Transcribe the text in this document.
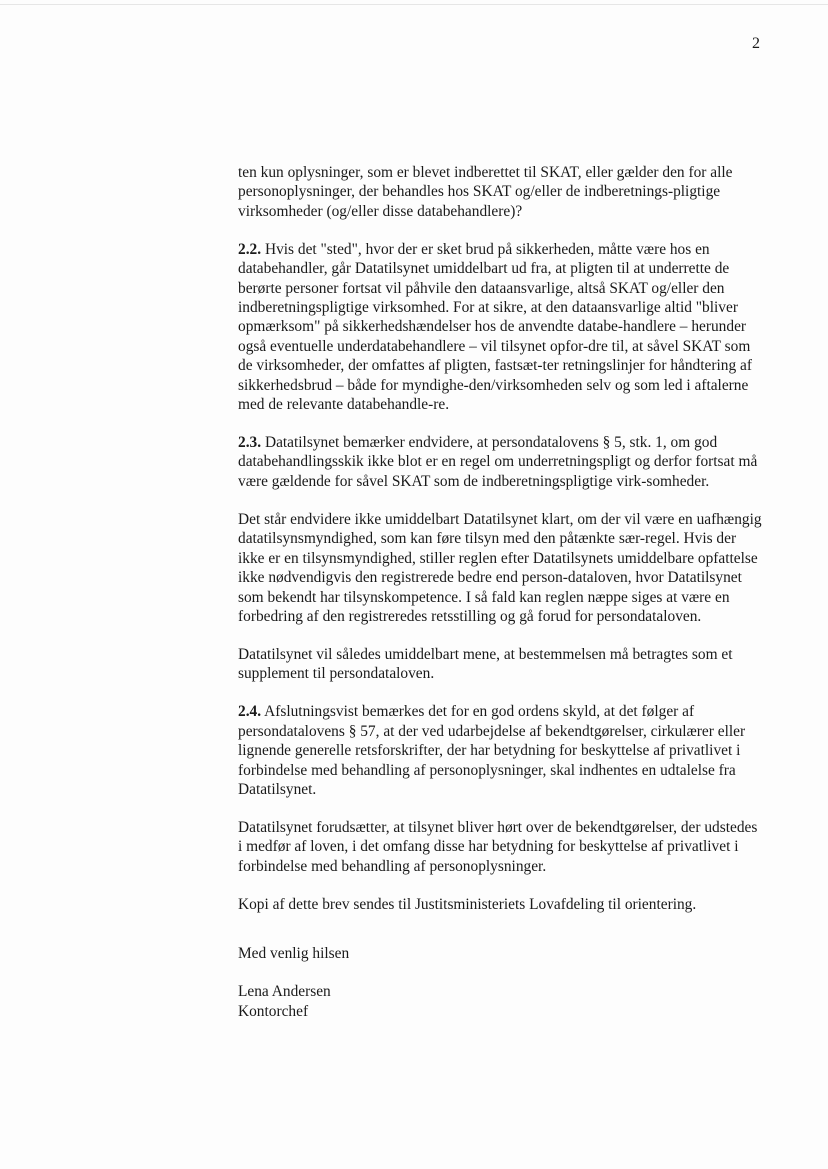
2

ten kun oplysninger, som er blevet indberettet til SKAT, eller gælder den for alle personoplysninger, der behandles hos SKAT og/eller de indberetnings-pligtige virksomheder (og/eller disse databehandlere)?

2.2. Hvis det "sted", hvor der er sket brud på sikkerheden, måtte være hos en databehandler, går Datatilsynet umiddelbart ud fra, at pligten til at underrette de berørte personer fortsat vil påhvile den dataansvarlige, altså SKAT og/eller den indberetningspligtige virksomhed. For at sikre, at den dataansvarlige altid "bliver opmærksom" på sikkerhedshændelser hos de anvendte databe-handlere – herunder også eventuelle underdatabehandlere – vil tilsynet opfor-dre til, at såvel SKAT som de virksomheder, der omfattes af pligten, fastsæt-ter retningslinjer for håndtering af sikkerhedsbrud – både for myndighe-den/virksomheden selv og som led i aftalerne med de relevante databehandle-re.

2.3. Datatilsynet bemærker endvidere, at persondatalovens § 5, stk. 1, om god databehandlingsskik ikke blot er en regel om underretningspligt og derfor fortsat må være gældende for såvel SKAT som de indberetningspligtige virk-somheder.

Det står endvidere ikke umiddelbart Datatilsynet klart, om der vil være en uafhængig datatilsynsmyndighed, som kan føre tilsyn med den påtænkte sær-regel. Hvis der ikke er en tilsynsmyndighed, stiller reglen efter Datatilsynets umiddelbare opfattelse ikke nødvendigvis den registrerede bedre end person-dataloven, hvor Datatilsynet som bekendt har tilsynskompetence. I så fald kan reglen næppe siges at være en forbedring af den registreredes retsstilling og gå forud for persondataloven.

Datatilsynet vil således umiddelbart mene, at bestemmelsen må betragtes som et supplement til persondataloven.

2.4. Afslutningsvist bemærkes det for en god ordens skyld, at det følger af persondatalovens § 57, at der ved udarbejdelse af bekendtgørelser, cirkulærer eller lignende generelle retsforskrifter, der har betydning for beskyttelse af privatlivet i forbindelse med behandling af personoplysninger, skal indhentes en udtalelse fra Datatilsynet.

Datatilsynet forudsætter, at tilsynet bliver hørt over de bekendtgørelser, der udstedes i medfør af loven, i det omfang disse har betydning for beskyttelse af privatlivet i forbindelse med behandling af personoplysninger.

Kopi af dette brev sendes til Justitsministeriets Lovafdeling til orientering.

Med venlig hilsen

Lena Andersen
Kontorchef
